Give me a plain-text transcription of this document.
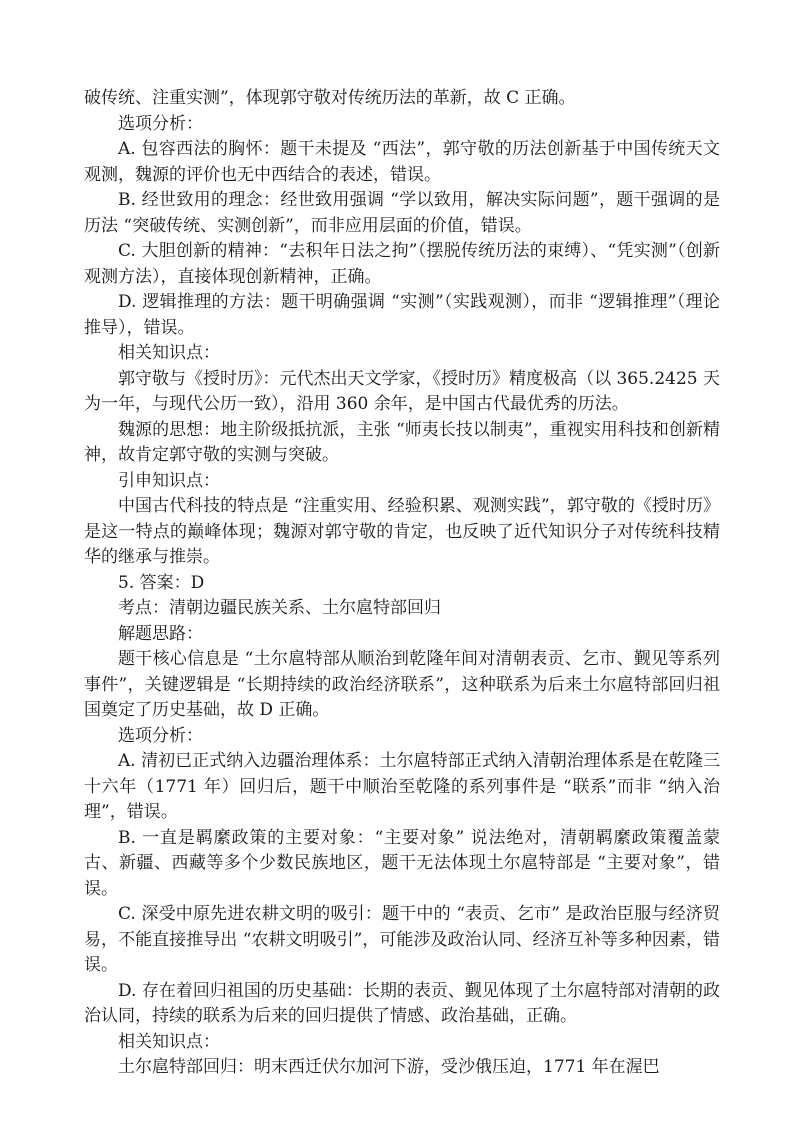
破传统、注重实测”，体现郭守敬对传统历法的革新，故 C 正确。

选项分析：

A. 包容西法的胸怀：题干未提及 “西法”，郭守敬的历法创新基于中国传统天文观测，魏源的评价也无中西结合的表述，错误。

B. 经世致用的理念：经世致用强调 “学以致用，解决实际问题”，题干强调的是历法 “突破传统、实测创新”，而非应用层面的价值，错误。

C. 大胆创新的精神：“去积年日法之拘”（摆脱传统历法的束缚）、“凭实测”（创新观测方法），直接体现创新精神，正确。

D. 逻辑推理的方法：题干明确强调 “实测”（实践观测），而非 “逻辑推理”（理论推导），错误。

相关知识点：

郭守敬与《授时历》：元代杰出天文学家，《授时历》精度极高（以 365.2425 天为一年，与现代公历一致），沿用 360 余年，是中国古代最优秀的历法。

魏源的思想：地主阶级抵抗派，主张 “师夷长技以制夷”，重视实用科技和创新精神，故肯定郭守敬的实测与突破。

引申知识点：

中国古代科技的特点是 “注重实用、经验积累、观测实践”，郭守敬的《授时历》是这一特点的巅峰体现；魏源对郭守敬的肯定，也反映了近代知识分子对传统科技精华的继承与推崇。

5. 答案：D

考点：清朝边疆民族关系、土尔扈特部回归

解题思路：

题干核心信息是 “土尔扈特部从顺治到乾隆年间对清朝表贡、乞市、觐见等系列事件”，关键逻辑是 “长期持续的政治经济联系”，这种联系为后来土尔扈特部回归祖国奠定了历史基础，故 D 正确。

选项分析：

A. 清初已正式纳入边疆治理体系：土尔扈特部正式纳入清朝治理体系是在乾隆三十六年（1771 年）回归后，题干中顺治至乾隆的系列事件是 “联系”而非 “纳入治理”，错误。

B. 一直是羁縻政策的主要对象：“主要对象” 说法绝对，清朝羁縻政策覆盖蒙古、新疆、西藏等多个少数民族地区，题干无法体现土尔扈特部是 “主要对象”，错误。

C. 深受中原先进农耕文明的吸引：题干中的 “表贡、乞市” 是政治臣服与经济贸易，不能直接推导出 “农耕文明吸引”，可能涉及政治认同、经济互补等多种因素，错误。

D. 存在着回归祖国的历史基础：长期的表贡、觐见体现了土尔扈特部对清朝的政治认同，持续的联系为后来的回归提供了情感、政治基础，正确。

相关知识点：

土尔扈特部回归：明末西迁伏尔加河下游，受沙俄压迫，1771 年在渥巴
